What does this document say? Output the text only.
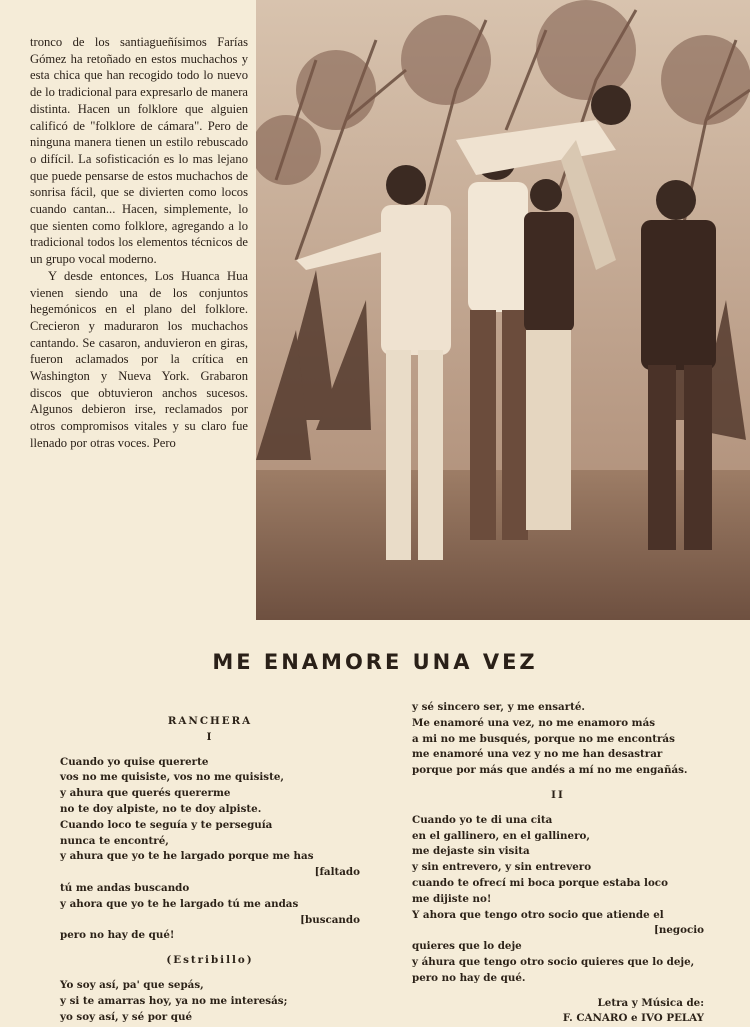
tronco de los santiagueñísimos Farías Gómez ha retoñado en estos muchachos y esta chica que han recogido todo lo nuevo de lo tradicional para expresarlo de manera distinta. Hacen un folklore que alguien calificó de "folklore de cámara". Pero de ninguna manera tienen un estilo rebuscado o difícil. La sofisticación es lo mas lejano que puede pensarse de estos muchachos de sonrisa fácil, que se divierten como locos cuando cantan... Hacen, simplemente, lo que sienten como folklore, agregando a lo tradicional todos los elementos técnicos de un grupo vocal moderno.

Y desde entonces, Los Huanca Hua vienen siendo una de los conjuntos hegemónicos en el plano del folklore. Crecieron y maduraron los muchachos cantando. Se casaron, anduvieron en giras, fueron aclamados por la crítica en Washington y Nueva York. Grabaron discos que obtuvieron anchos sucesos. Algunos debieron irse, reclamados por otros compromisos vitales y su claro fue llenado por otras voces. Pero

ME ENAMORE UNA VEZ
RANCHERA
I
Cuando yo quise quererte
vos no me quisiste, vos no me quisiste,
y ahura que querés quererme
no te doy alpiste, no te doy alpiste.
Cuando loco te seguía y te perseguía
nunca te encontré,
y ahura que yo te he largado porque me has
[faltado
tú me andas buscando
y ahora que yo te he largado tú me andas
[buscando
pero no hay de qué!
(Estribillo)
Yo soy así, pa' que sepás,
y si te amarras hoy, ya no me interesás;
yo soy así, y sé por qué
y sé sincero ser, y me ensarté.
Me enamoré una vez, no me enamoro más
a mi no me busqués, porque no me encontrás
me enamoré una vez y no me han desastrar
porque por más que andés a mí no me engañás.
II
Cuando yo te di una cita
en el gallinero, en el gallinero,
me dejaste sin visita
y sin entrevero, y sin entrevero
cuando te ofrecí mi boca porque estaba loco
me dijiste no!
Y ahora que tengo otro socio que atiende el
[negocio
quieres que lo deje
y áhura que tengo otro socio quieres que lo deje,
pero no hay de qué.
Letra y Música de:
F. CANARO e IVO PELAY
